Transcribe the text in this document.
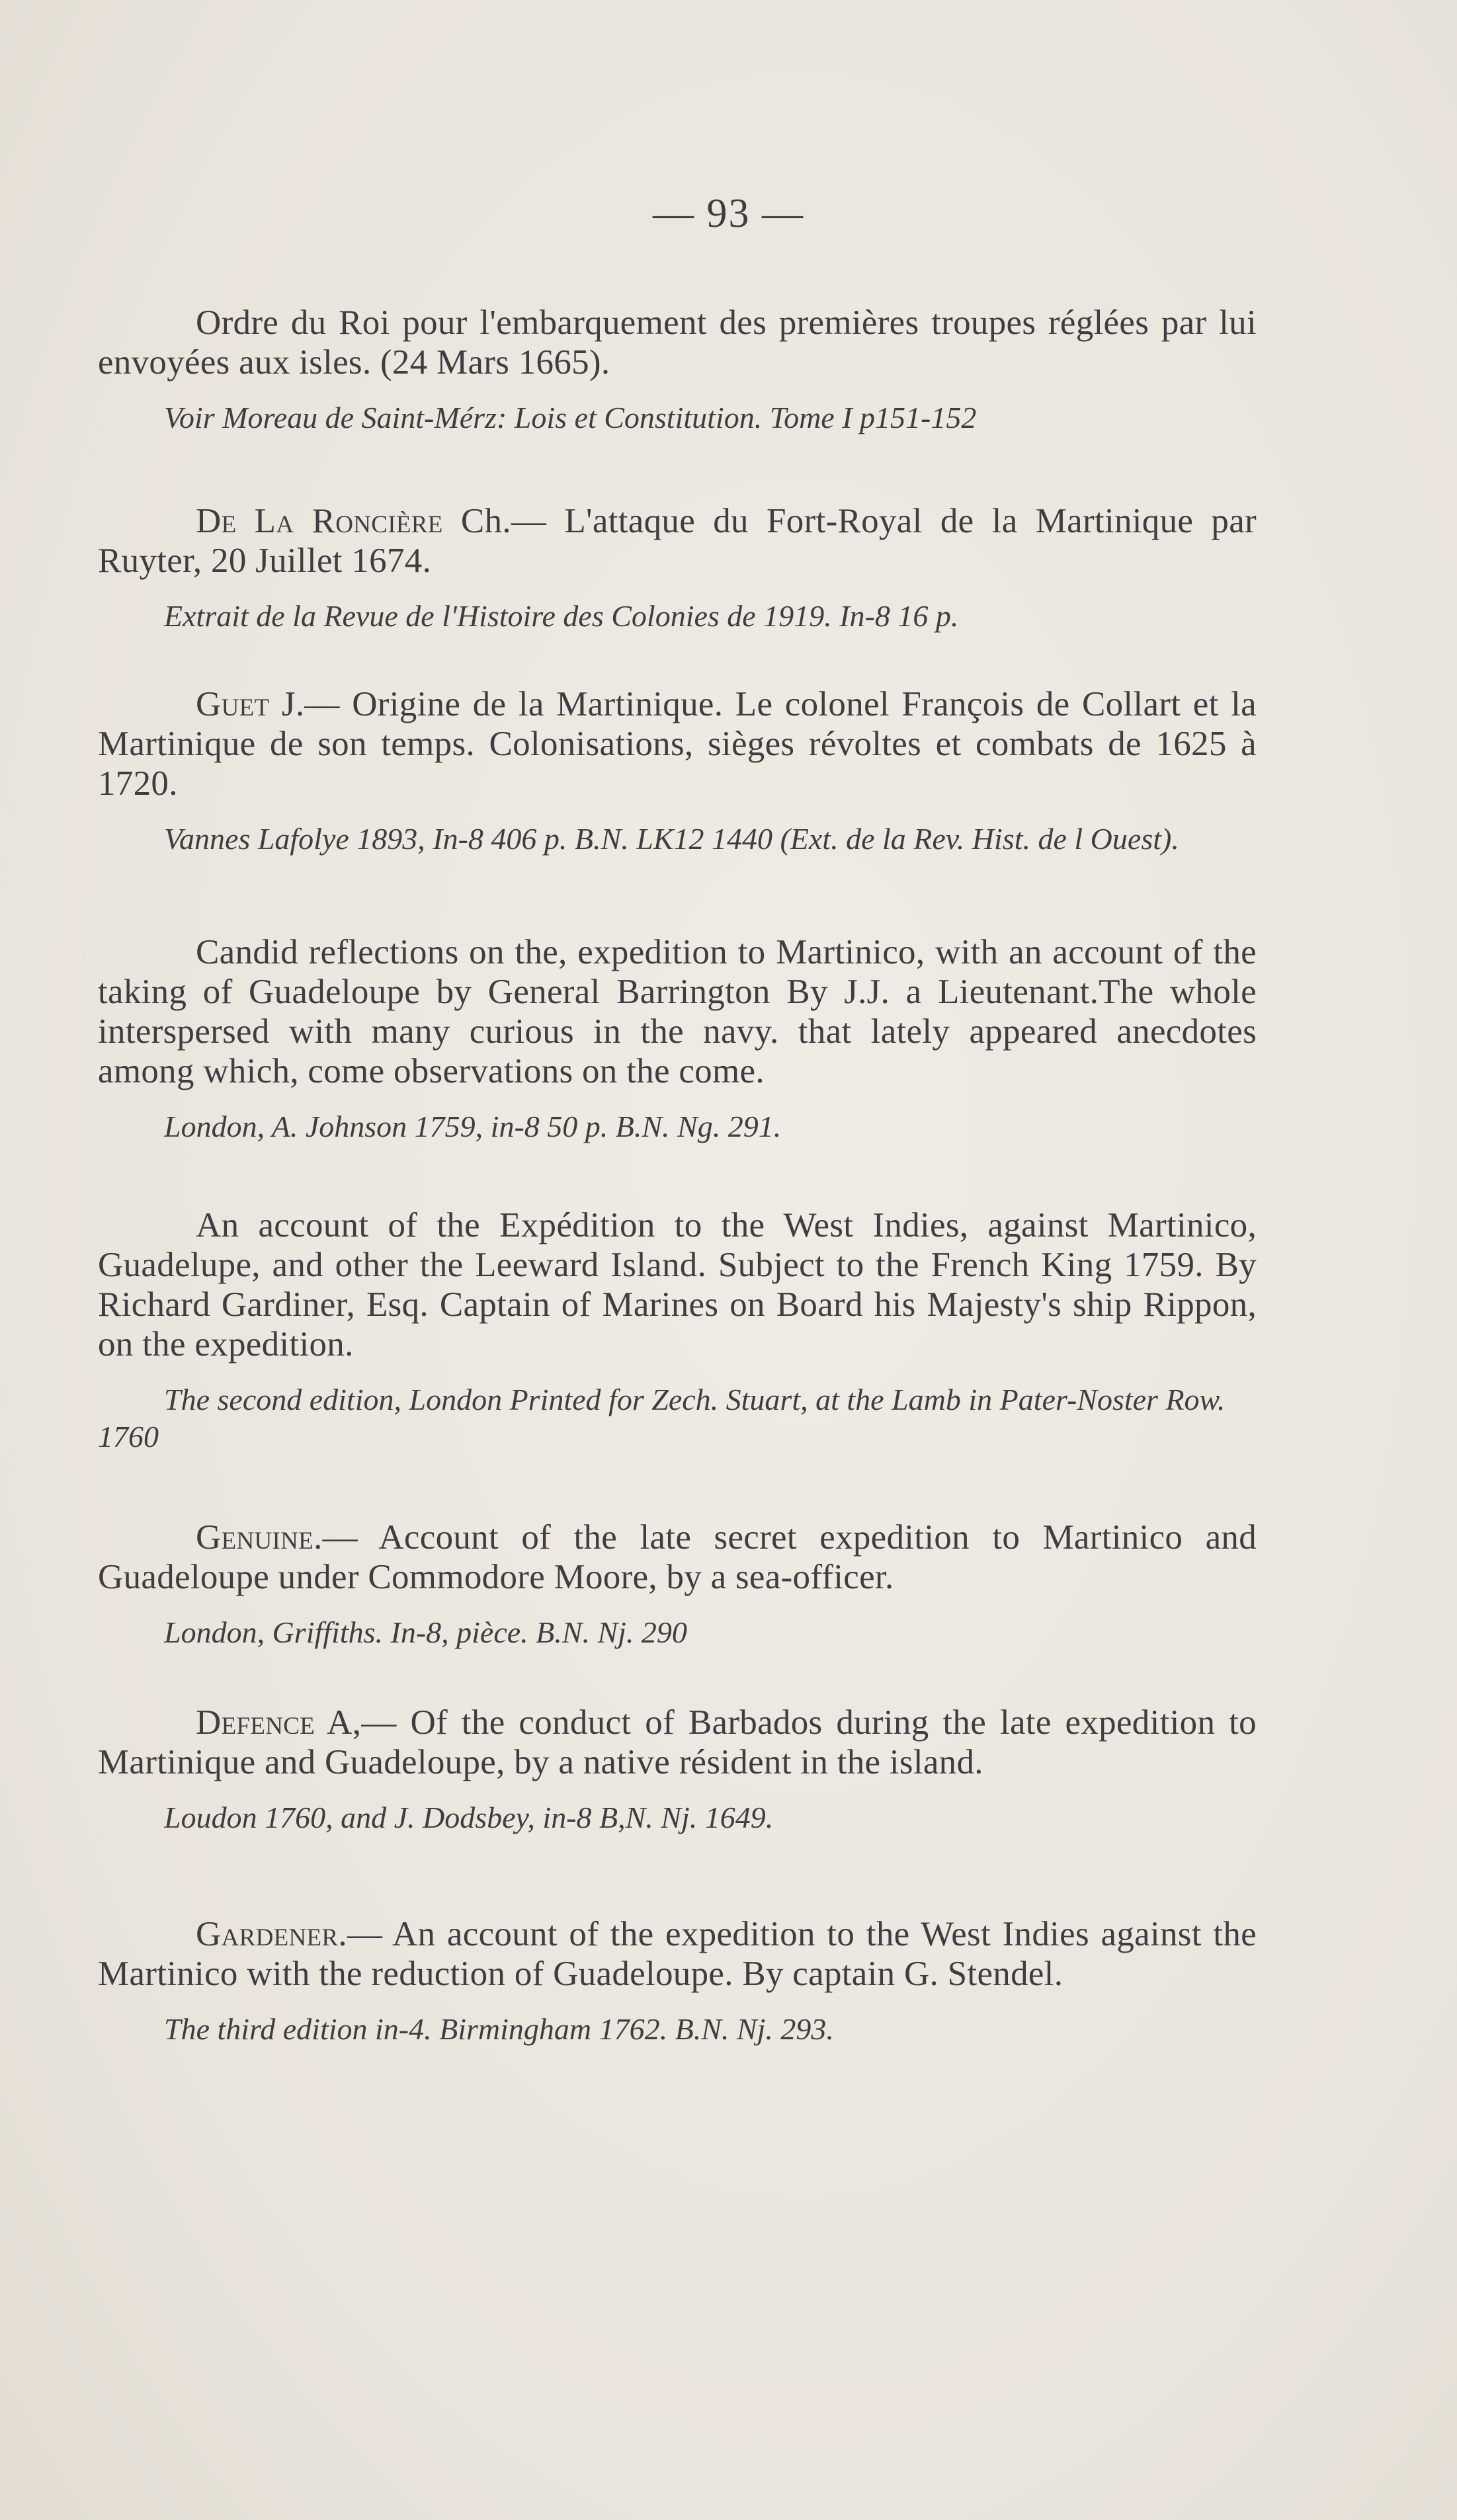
— 93 —
Ordre du Roi pour l'embarquement des premières troupes réglées par lui envoyées aux isles. (24 Mars 1665).
Voir Moreau de Saint-Mérz: Lois et Constitution. Tome I p151-152
De La Roncière Ch.— L'attaque du Fort-Royal de la Martinique par Ruyter, 20 Juillet 1674.
Extrait de la Revue de l'Histoire des Colonies de 1919. In-8 16 p.
Guet J.— Origine de la Martinique. Le colonel François de Collart et la Martinique de son temps. Colonisations, sièges révoltes et combats de 1625 à 1720.
Vannes Lafolye 1893, In-8 406 p. B.N. LK12 1440 (Ext. de la Rev. Hist. de l Ouest).
Candid reflections on the, expedition to Martinico, with an account of the taking of Guadeloupe by General Barrington By J.J. a Lieutenant.The whole interspersed with many curious in the navy. that lately appeared anecdotes among which, come observations on the come.
London, A. Johnson 1759, in-8 50 p. B.N. Ng. 291.
An account of the Expédition to the West Indies, against Martinico, Guadelupe, and other the Leeward Island. Subject to the French King 1759. By Richard Gardiner, Esq. Captain of Marines on Board his Majesty's ship Rippon, on the expedition.
The second edition, London Printed for Zech. Stuart, at the Lamb in Pater-Noster Row. 1760
Genuine.— Account of the late secret expedition to Martinico and Guadeloupe under Commodore Moore, by a sea-officer.
London, Griffiths. In-8, pièce. B.N. Nj. 290
Defence A,— Of the conduct of Barbados during the late expedition to Martinique and Guadeloupe, by a native résident in the island.
Loudon 1760, and J. Dodsbey, in-8 B,N. Nj. 1649.
Gardener.— An account of the expedition to the West Indies against the Martinico with the reduction of Guadeloupe. By captain G. Stendel.
The third edition in-4. Birmingham 1762. B.N. Nj. 293.
